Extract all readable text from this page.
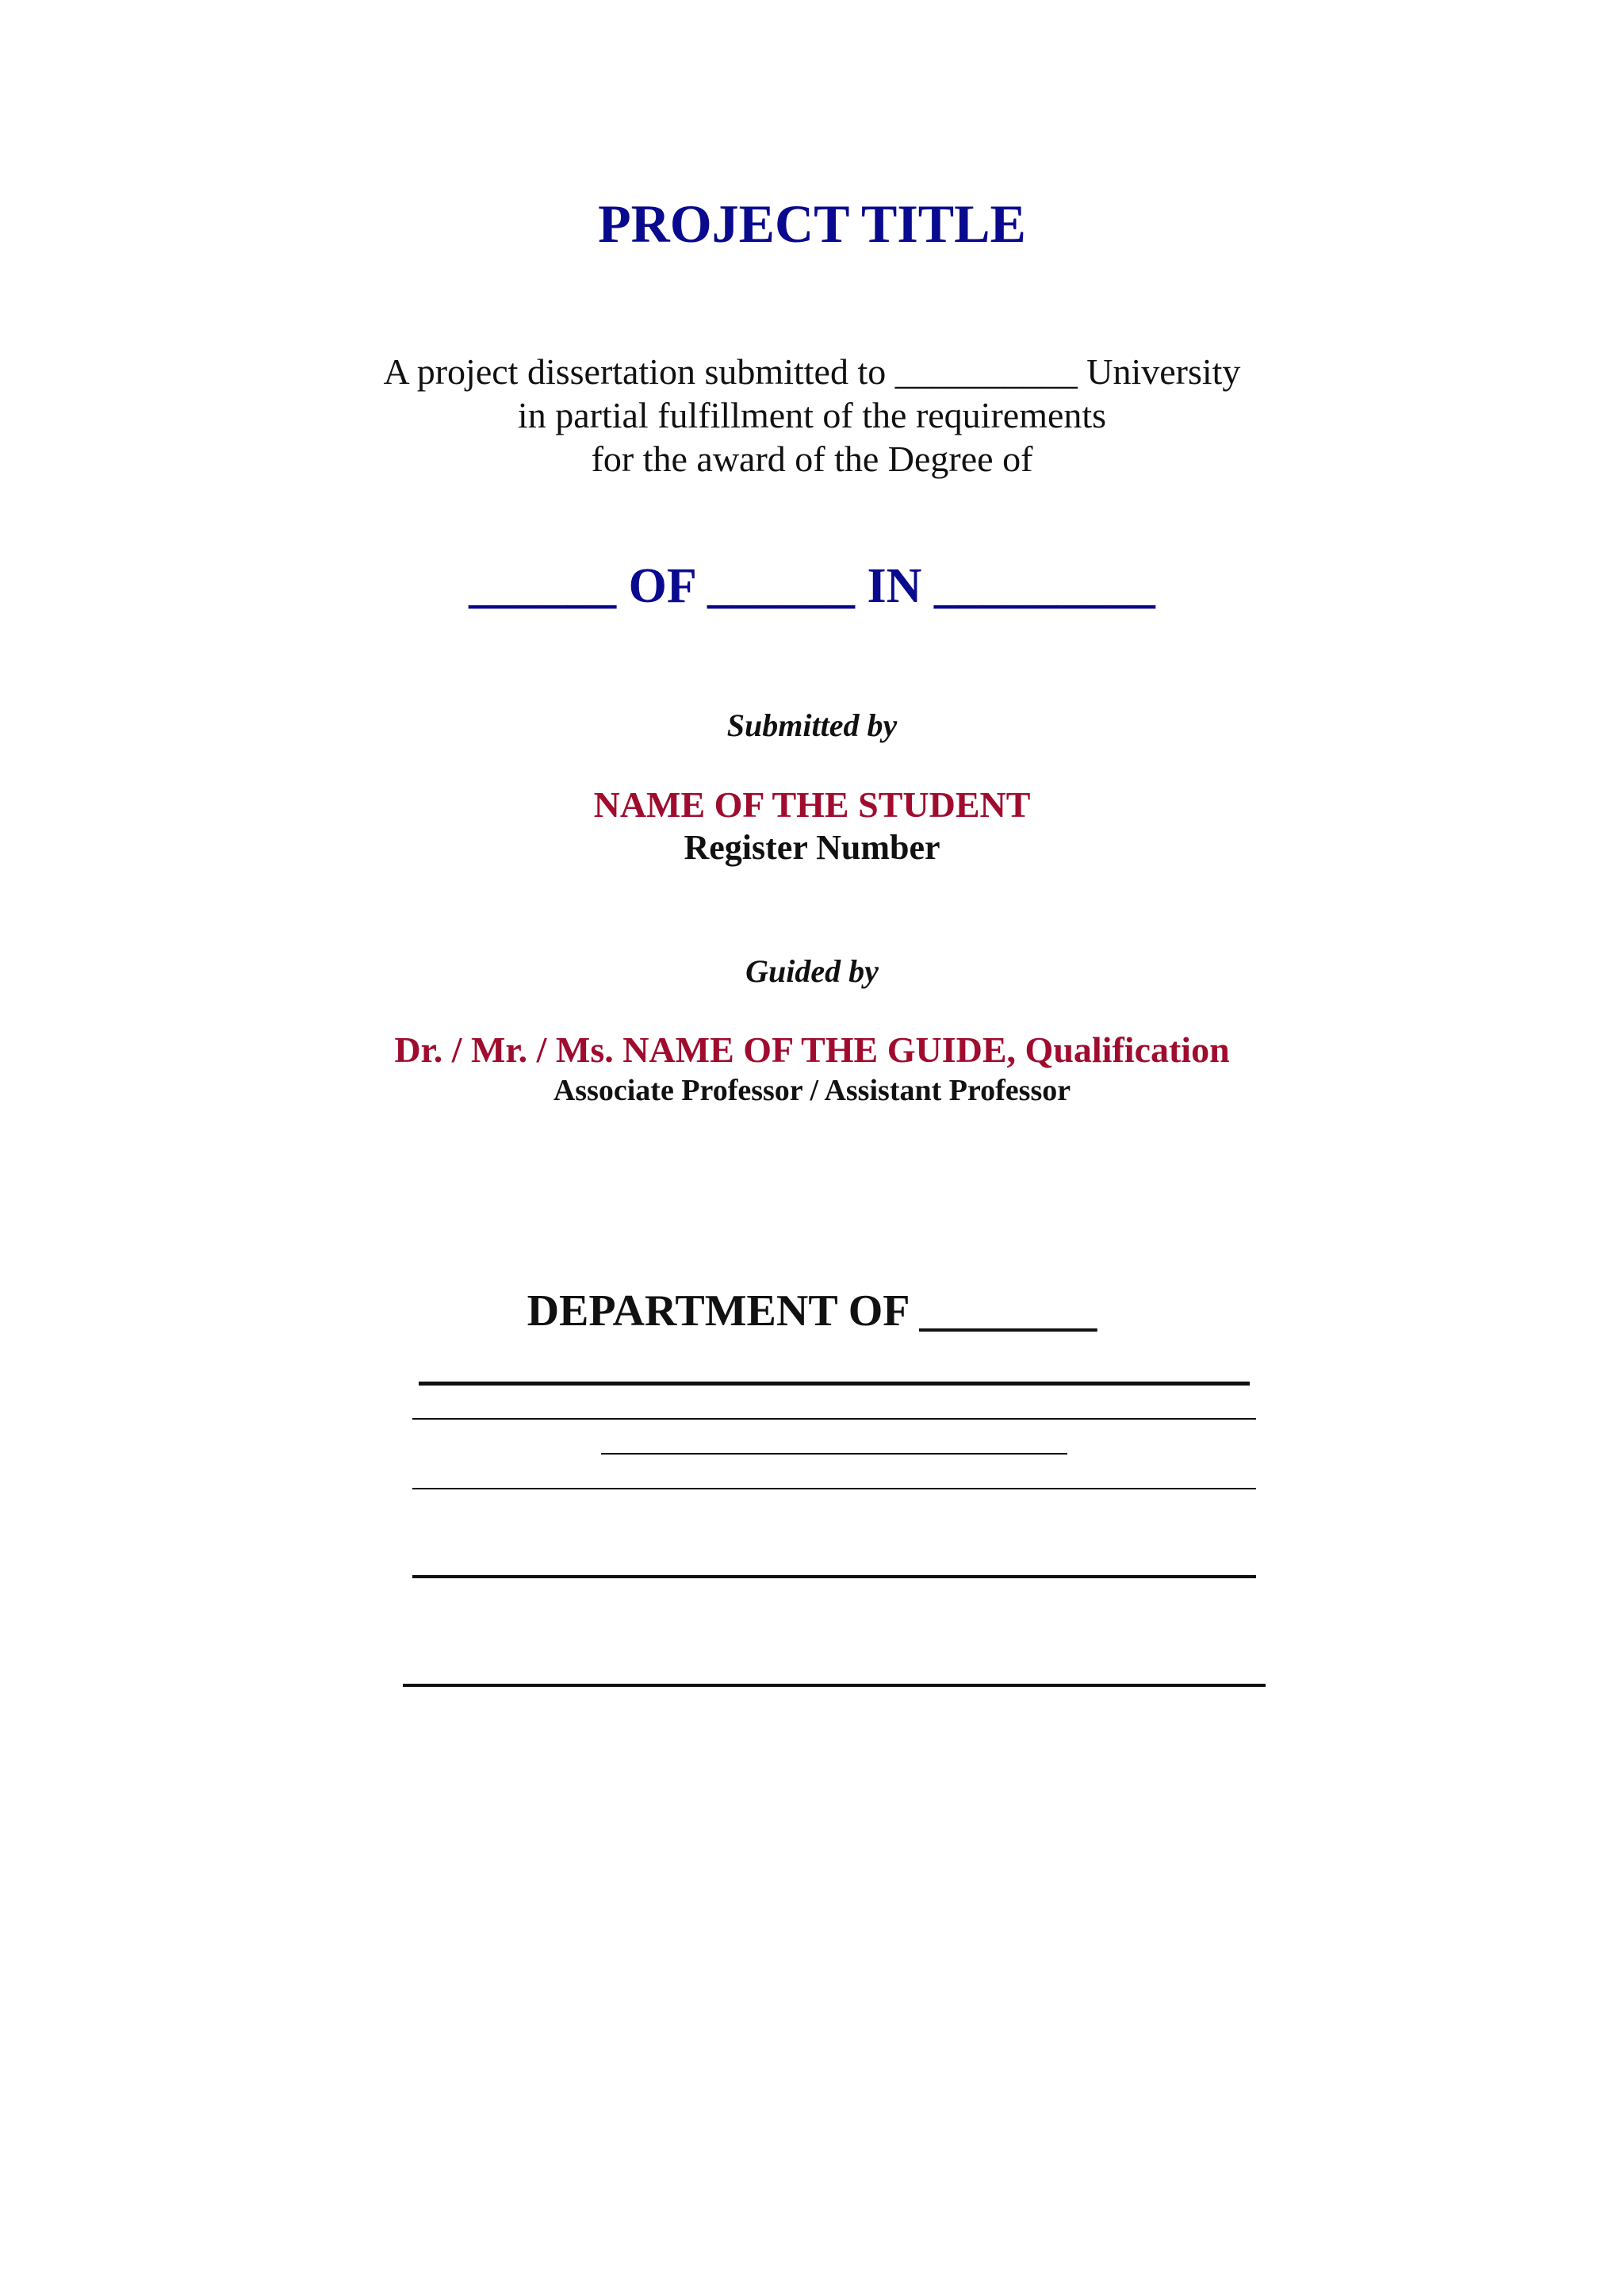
PROJECT TITLE
A project dissertation submitted to __________ University
in partial fulfillment of the requirements
for the award of the Degree of
______ OF ______ IN _________
Submitted by
NAME OF THE STUDENT
Register Number
Guided by
Dr. / Mr. / Ms. NAME OF THE GUIDE, Qualification
Associate Professor / Assistant Professor
DEPARTMENT OF ________
